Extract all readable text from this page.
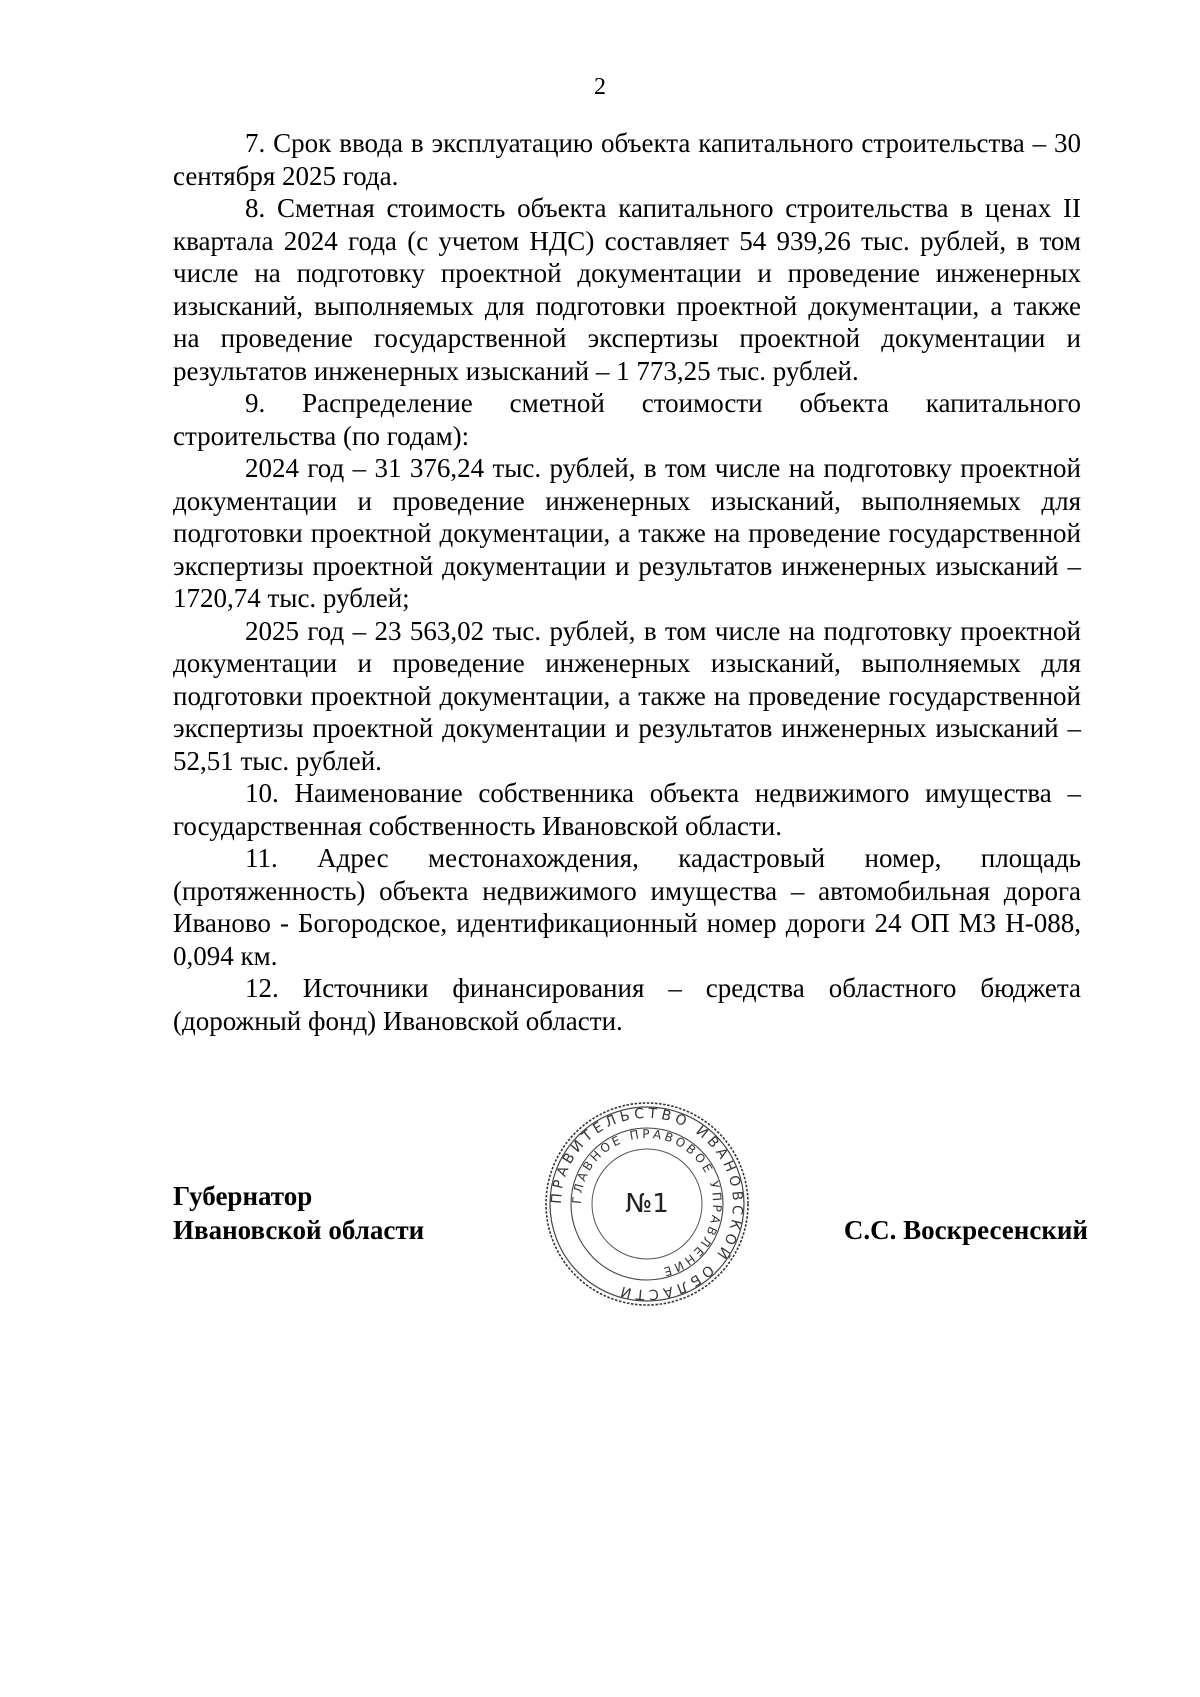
2

7. Срок ввода в эксплуатацию объекта капитального строительства – 30 сентября 2025 года.

8. Сметная стоимость объекта капитального строительства в ценах II квартала 2024 года (с учетом НДС) составляет 54 939,26 тыс. рублей, в том числе на подготовку проектной документации и проведение инженерных изысканий, выполняемых для подготовки проектной документации, а также на проведение государственной экспертизы проектной документации и результатов инженерных изысканий – 1 773,25 тыс. рублей.

9. Распределение сметной стоимости объекта капитального строительства (по годам):

2024 год – 31 376,24 тыс. рублей, в том числе на подготовку проектной документации и проведение инженерных изысканий, выполняемых для подготовки проектной документации, а также на проведение государственной экспертизы проектной документации и результатов инженерных изысканий – 1720,74 тыс. рублей;

2025 год – 23 563,02 тыс. рублей, в том числе на подготовку проектной документации и проведение инженерных изысканий, выполняемых для подготовки проектной документации, а также на проведение государственной экспертизы проектной документации и результатов инженерных изысканий – 52,51 тыс. рублей.

10. Наименование собственника объекта недвижимого имущества – государственная собственность Ивановской области.

11. Адрес местонахождения, кадастровый номер, площадь (протяженность) объекта недвижимого имущества – автомобильная дорога Иваново - Богородское, идентификационный номер дороги 24 ОП МЗ Н-088, 0,094 км.

12. Источники финансирования – средства областного бюджета (дорожный фонд) Ивановской области.

Губернатор
Ивановской области
ПРАВИТЕЛЬСТВО ИВАНОВСКОЙ ОБЛАСТИ
ГЛАВНОЕ ПРАВОВОЕ УПРАВЛЕНИЕ
№1
С.С. Воскресенский
